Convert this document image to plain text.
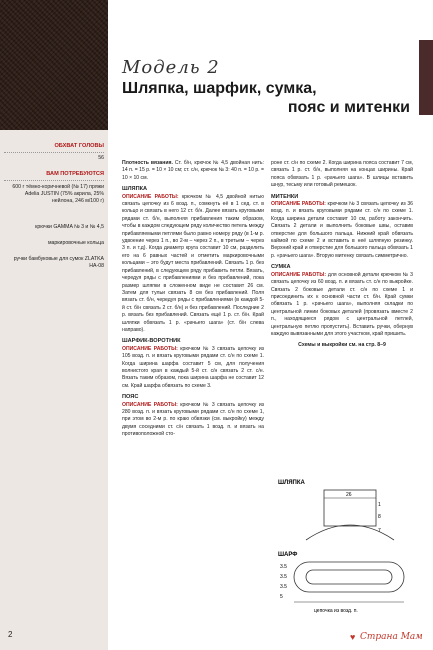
ОБХВАТ ГОЛОВЫ
56
ВАМ ПОТРЕБУЮТСЯ
600 г тёмно-коричневой (№ 17) пряжи Adelia JUSTIN (75% акрила, 25% нейлона, 246 м/100 г)
крючки GAMMA № 3 и № 4,5
маркировочные кольца
ручки бамбуковые для сумок ZLATKA HA-08
Модель 2
Шляпка, шарфик, сумка,
пояс и митенки
Плотность вязания. Ст. б/н, крючок № 4,5 двойная нить: 14 п. = 15 р. = 10 × 10 см; ст. с/н, крючок № 3: 40 п. = 10 р. = 10 × 10 см.
ШЛЯПКА
ОПИСАНИЕ РАБОТЫ: крючком № 4,5 двойной нитью связать цепочку из 6 возд. п., сомкнуть её в 1 сед. ст. в кольцо и связать в него 12 ст. б/н. Далее вязать круговыми рядами ст. б/н, выполняя прибавления таким образом, чтобы в каждом следующем ряду количество петель между прибавляемыми петлями было равно номеру ряду (в 1-м р. удвоение через 1 п., во 2-м – через 2 п., в третьем – через 3 п. и т.д). Когда диаметр круга составит 10 см, разделить его на 6 равных частей и отметить маркировочными кольцами – это будут места прибавлений. Связать 1 р. без прибавлений, в следующем ряду прибавить петли. Вязать, чередуя ряды с прибавлениями и без прибавлений, пока размер шляпки в сложенном виде не составит 26 см. Затем для тульи связать 8 см без прибавлений. Поля вязать ст. б/н, чередуя ряды с прибавлениями (в каждой 5-й ст. б/н связать 2 ст. б/н) и без прибавлений. Последние 2 р. вязать без прибавлений. Связать ещё 1 р. ст. б/н. Край шляпки обвязать 1 р. «рачьего шага» (ст. б/н слева направо).
ШАРФИК-ВОРОТНИК
ОПИСАНИЕ РАБОТЫ: крючком № 3 связать цепочку из 105 возд. п. и вязать круговыми рядами ст. с/н по схеме 1. Когда ширина шарфа составит 5 см, для получения волнистого края в каждый 5-й ст. с/н связать 2 ст. с/н. Вязать таким образом, пока ширина шарфа не составит 12 см. Край шарфа обвязать по схеме 3.
ПОЯС
ОПИСАНИЕ РАБОТЫ: крючком № 3 связать цепочку из 280 возд. п. и вязать круговыми рядами ст. с/н по схеме 1, при этом во 2-м р. по краю обвязки (см. выкройку) между двумя соседними ст. с/н связать 1 возд. п. и вязать на противоположной сто-
роне ст. с/н по схеме 2. Когда ширина пояса составит 7 см, связать 1 р. ст. б/н, выполняя на концах ширины. Край пояса обвязать 1 р. «рачьего шага». В шлицы вставить шнур, тесьму или готовый ремешок.
МИТЕНКИ
ОПИСАНИЕ РАБОТЫ: крючком № 3 связать цепочку из 36 возд. п. и вязать круговыми рядами ст. с/н по схеме 1. Когда ширина детали составит 10 см, работу закончить. Связать 2 детали и выполнить боковые швы, оставив отверстие для большого пальца. Нижний край обвязать каймой по схеме 2 и вставить в неё шляпную резинку. Верхний край и отверстие для большого пальца обвязать 1 р. «рачьего шага». Вторую митенку связать симметрично.
СУМКА
ОПИСАНИЕ РАБОТЫ: для основной детали крючком № 3 связать цепочку из 60 возд. п. и вязать ст. с/н по выкройке. Связать 2 боковые детали ст. с/н по схеме 1 и присоединить их к основной части ст. б/н. Край сумки обвязать 1 р. «рачьего шага», выполняя складки по центральной линии боковых деталей (провязать вместе 2 п., находящиеся рядом с центральной петлей, центральную петлю пропустить). Вставить ручки, обернув каждую вывязанными для этого участком, край пришить.
Схемы и выкройки см. на стр. 8–9
ШЛЯПКА
26
1
8
7
ШАРФ
3.5
3.5
3.5
5
цепочка из возд. п.
2	♥ Страна Мам
